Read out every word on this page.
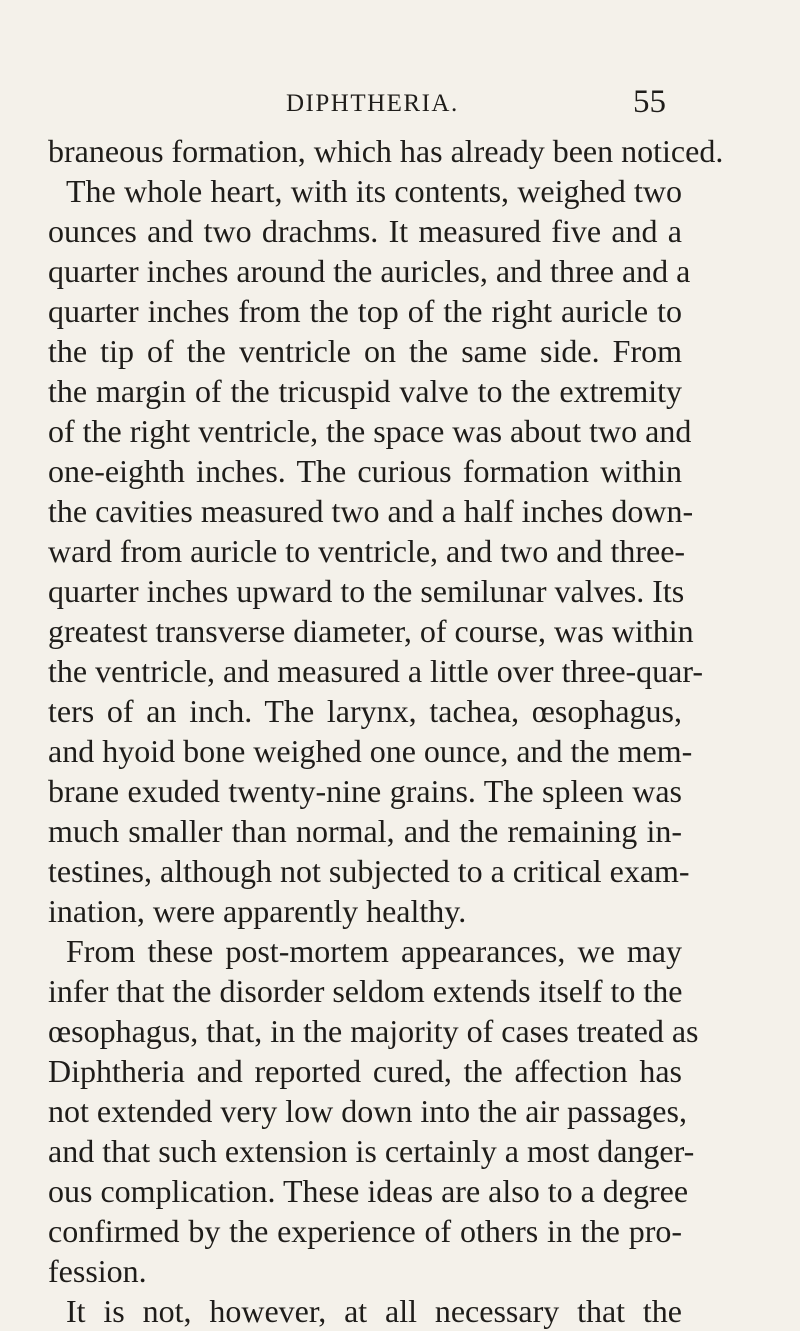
DIPHTHERIA.	55
braneous formation, which has already been noticed.
The whole heart, with its contents, weighed two
ounces and two drachms. It measured five and a
quarter inches around the auricles, and three and a
quarter inches from the top of the right auricle to
the tip of the ventricle on the same side. From
the margin of the tricuspid valve to the extremity
of the right ventricle, the space was about two and
one-eighth inches. The curious formation within
the cavities measured two and a half inches down-
ward from auricle to ventricle, and two and three-
quarter inches upward to the semilunar valves. Its
greatest transverse diameter, of course, was within
the ventricle, and measured a little over three-quar-
ters of an inch. The larynx, tachea, œsophagus,
and hyoid bone weighed one ounce, and the mem-
brane exuded twenty-nine grains. The spleen was
much smaller than normal, and the remaining in-
testines, although not subjected to a critical exam-
ination, were apparently healthy.
From these post-mortem appearances, we may
infer that the disorder seldom extends itself to the
œsophagus, that, in the majority of cases treated as
Diphtheria and reported cured, the affection has
not extended very low down into the air passages,
and that such extension is certainly a most danger-
ous complication. These ideas are also to a degree
confirmed by the experience of others in the pro-
fession.
It is not, however, at all necessary that the
